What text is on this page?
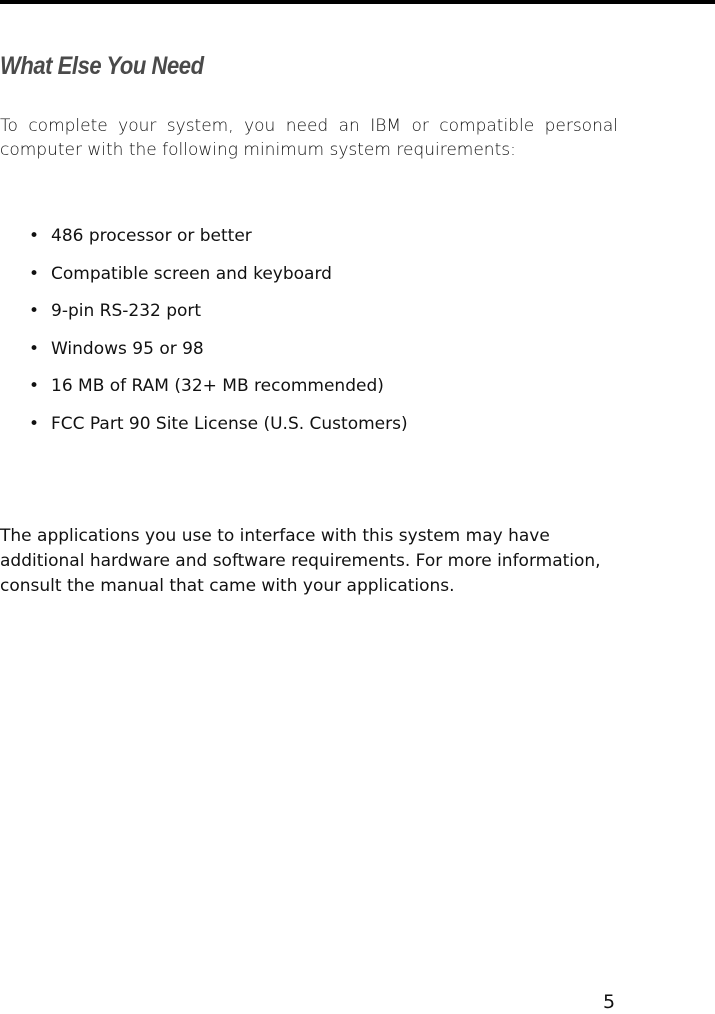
What Else You Need

To complete your system, you need an IBM or compatible personal computer with the following minimum system requirements:

• 486 processor or better
• Compatible screen and keyboard
• 9-pin RS-232 port
• Windows 95 or 98
• 16 MB of RAM (32+ MB recommended)
• FCC Part 90 Site License (U.S. Customers)

The applications you use to interface with this system may have additional hardware and software requirements. For more information, consult the manual that came with your applications.

5
